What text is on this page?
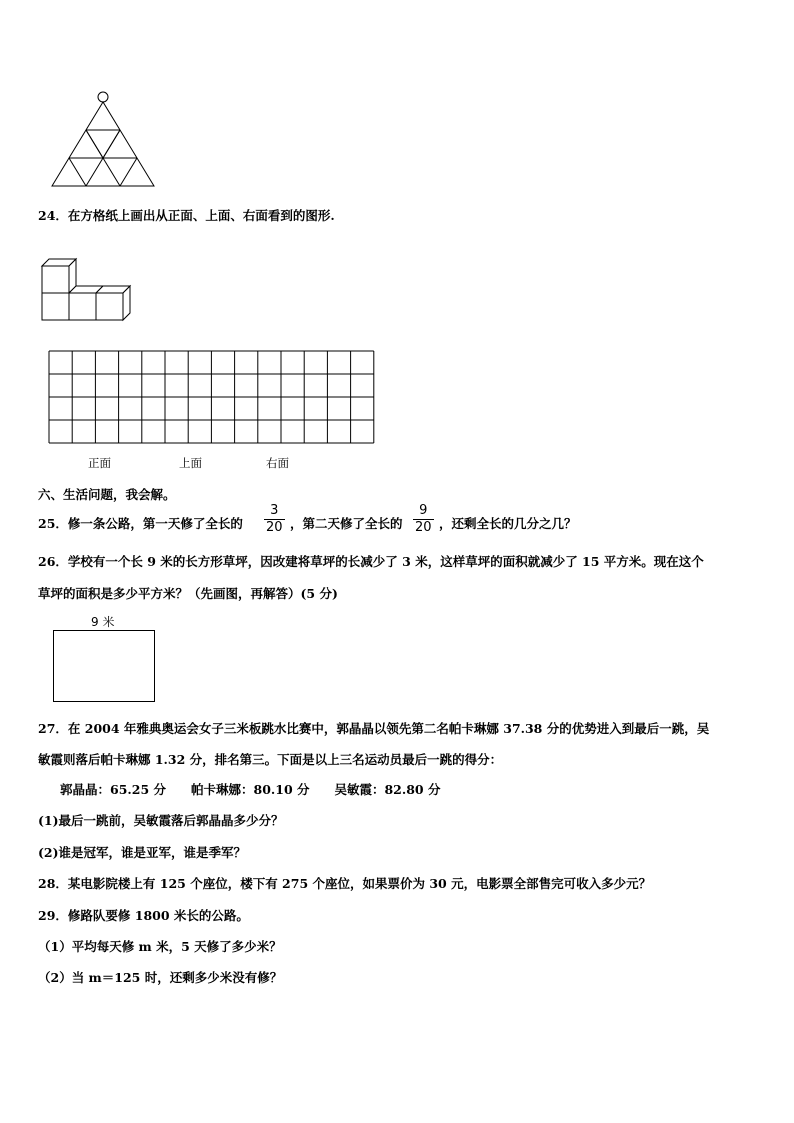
24．在方格纸上画出从正面、上面、右面看到的图形.
正面	上面	右面
六、生活问题，我会解。
25．修一条公路，第一天修了全长的
3
20 ，第二天修了全长的
9
20 ，还剩全长的几分之几？
26．学校有一个长 9 米的长方形草坪，因改建将草坪的长减少了 3 米，这样草坪的面积就减少了 15 平方米。现在这个
草坪的面积是多少平方米？（先画图，再解答）(5 分)
9 米
27．在 2004 年雅典奥运会女子三米板跳水比赛中，郭晶晶以领先第二名帕卡琳娜 37.38 分的优势进入到最后一跳，吴
敏霞则落后帕卡琳娜 1.32 分，排名第三。下面是以上三名运动员最后一跳的得分：
郭晶晶：65.25 分　　帕卡琳娜：80.10 分　　吴敏霞：82.80 分
(1)最后一跳前，吴敏霞落后郭晶晶多少分？
(2)谁是冠军，谁是亚军，谁是季军？
28．某电影院楼上有 125 个座位，楼下有 275 个座位，如果票价为 30 元，电影票全部售完可收入多少元？
29．修路队要修 1800 米长的公路。
（1）平均每天修 m 米，5 天修了多少米？
（2）当 m＝125 时，还剩多少米没有修？
